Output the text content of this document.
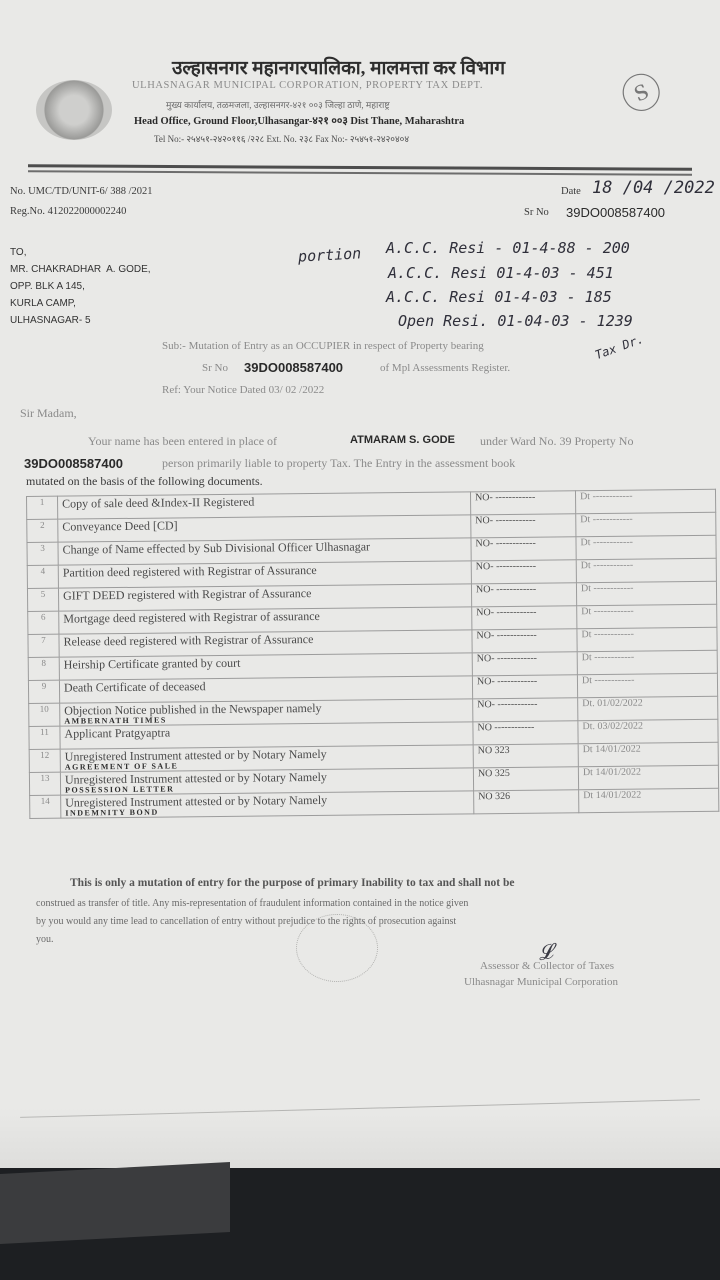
ⓢ
उल्हासनगर महानगरपालिका, मालमत्ता कर विभाग
ULHASNAGAR MUNICIPAL CORPORATION, PROPERTY TAX DEPT.
मुख्य कार्यालय, तळमजला, उल्हासनगर-४२१ ००३ जिल्हा ठाणे, महाराष्ट्र
Head Office, Ground Floor,Ulhasangar-४२१ ००३ Dist Thane, Maharashtra
Tel No:- २५४५१-२४२०११६ /२२८ Ext. No. २३८ Fax No:- २५४५१-२४२०४०४
No. UMC/TD/UNIT-6/ 388 /2021
Reg.No. 412022000002240
Date 18 /04 /2022
Sr No 39DO008587400
TO,
MR. CHAKRADHAR  A. GODE,
OPP. BLK A 145,
KURLA CAMP,
ULHASNAGAR- 5
portion A.C.C. Resi - 01-4-88 - 200
A.C.C. Resi 01-4-03 - 451
A.C.C. Resi 01-4-03 - 185
Open Resi. 01-04-03 - 1239
Sub:- Mutation of Entry as an OCCUPIER in respect of Property bearing	Tax Dr.
Sr No 39DO008587400	of Mpl Assessments Register.
Ref: Your Notice Dated 03/ 02 /2022
Sir Madam,
Your name has been entered in place of	ATMARAM S. GODE under Ward No. 39 Property No
39DO008587400	person primarily liable to property Tax. The Entry in the assessment book
mutated on the basis of the following documents.
1	Copy of sale deed &Index-II Registered	NO- ------------	Dt ------------
2	Conveyance Deed [CD]	NO- ------------	Dt ------------
3	Change of Name effected by Sub Divisional Officer Ulhasnagar	NO- ------------	Dt ------------
4	Partition deed registered with Registrar of Assurance	NO- ------------	Dt ------------
5	GIFT DEED registered with Registrar of Assurance	NO- ------------	Dt ------------
6	Mortgage deed registered with Registrar of assurance	NO- ------------	Dt ------------
7	Release deed registered with Registrar of Assurance	NO- ------------	Dt ------------
8	Heirship Certificate granted by court	NO- ------------	Dt ------------
9	Death Certificate of deceased	NO- ------------	Dt ------------
10	Objection Notice published in the Newspaper namely
AMBERNATH TIMES	NO- ------------	Dt. 01/02/2022
11	Applicant Pratgyaptra	NO ------------	Dt. 03/02/2022
12	Unregistered Instrument attested or by Notary Namely
AGREEMENT OF SALE	NO 323	Dt 14/01/2022
13	Unregistered Instrument attested or by Notary Namely
POSSESSION LETTER	NO 325	Dt 14/01/2022
14	Unregistered Instrument attested or by Notary Namely
INDEMNITY BOND	NO 326	Dt 14/01/2022
This is only a mutation of entry for the purpose of primary Inability to tax and shall not be
construed as transfer of title. Any mis-representation of fraudulent information contained in the notice given
by you would any time lead to cancellation of entry without prejudice to the rights of prosecution against
you.	𝓛
Assessor & Collector of Taxes
Ulhasnagar Municipal Corporation
